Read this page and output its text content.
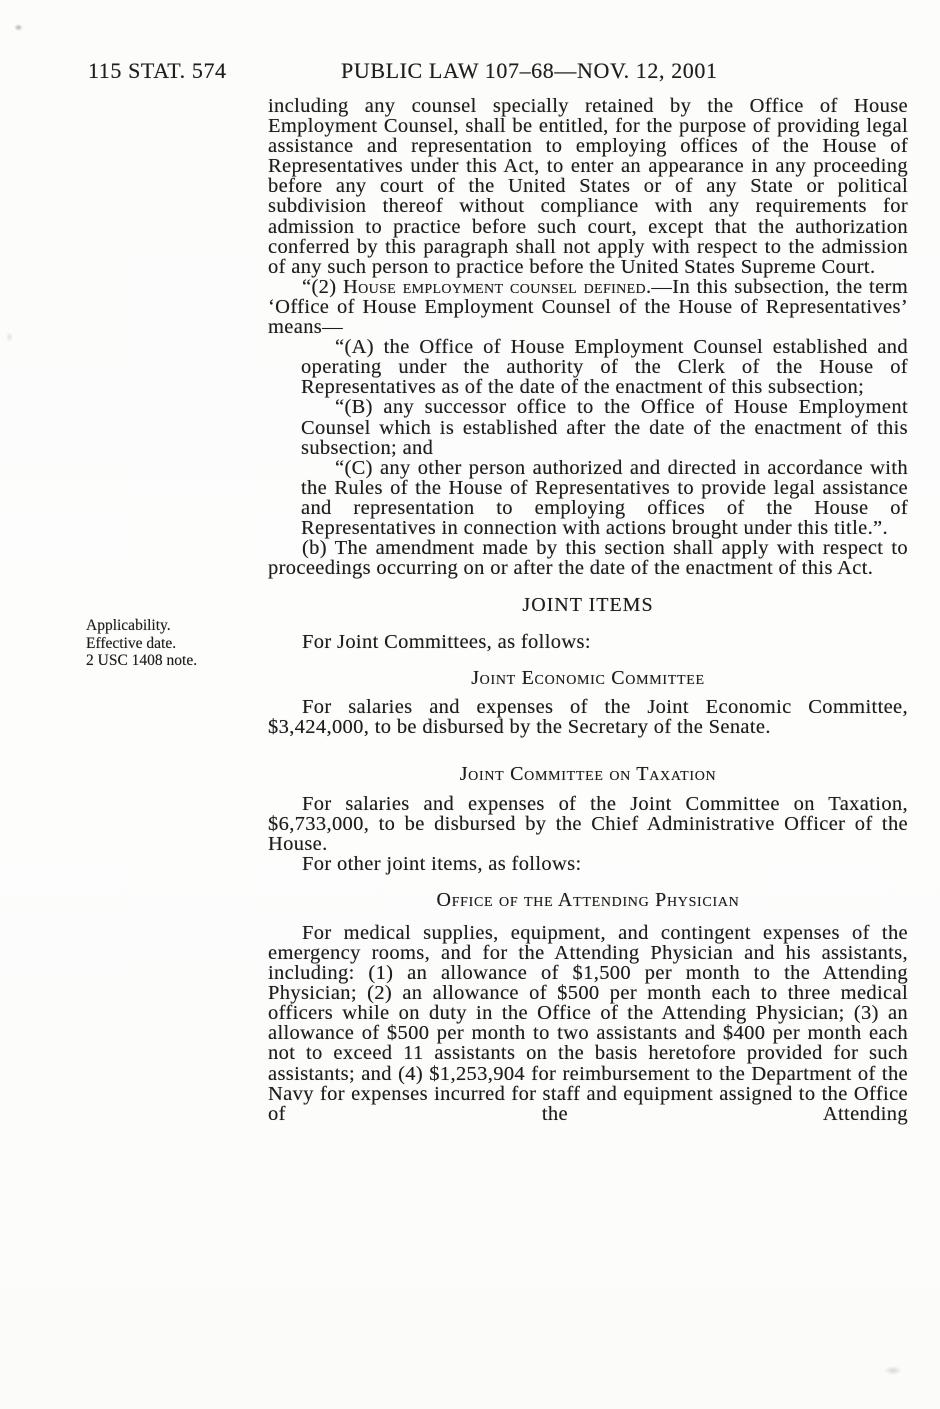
115 STAT. 574	PUBLIC LAW 107–68—NOV. 12, 2001
Applicability.
Effective date.
2 USC 1408 note.

including any counsel specially retained by the Office of House Employment Counsel, shall be entitled, for the purpose of providing legal assistance and representation to employing offices of the House of Representatives under this Act, to enter an appearance in any proceeding before any court of the United States or of any State or political subdivision thereof without compliance with any requirements for admission to practice before such court, except that the authorization conferred by this paragraph shall not apply with respect to the admission of any such person to practice before the United States Supreme Court.

“(2) House employment counsel defined.—In this subsection, the term ‘Office of House Employment Counsel of the House of Representatives’ means—

“(A) the Office of House Employment Counsel established and operating under the authority of the Clerk of the House of Representatives as of the date of the enactment of this subsection;

“(B) any successor office to the Office of House Employment Counsel which is established after the date of the enactment of this subsection; and

“(C) any other person authorized and directed in accordance with the Rules of the House of Representatives to provide legal assistance and representation to employing offices of the House of Representatives in connection with actions brought under this title.”.

(b) The amendment made by this section shall apply with respect to proceedings occurring on or after the date of the enactment of this Act.

JOINT ITEMS

For Joint Committees, as follows:

Joint Economic Committee

For salaries and expenses of the Joint Economic Committee, $3,424,000, to be disbursed by the Secretary of the Senate.

Joint Committee on Taxation

For salaries and expenses of the Joint Committee on Taxation, $6,733,000, to be disbursed by the Chief Administrative Officer of the House.

For other joint items, as follows:

Office of the Attending Physician

For medical supplies, equipment, and contingent expenses of the emergency rooms, and for the Attending Physician and his assistants, including: (1) an allowance of $1,500 per month to the Attending Physician; (2) an allowance of $500 per month each to three medical officers while on duty in the Office of the Attending Physician; (3) an allowance of $500 per month to two assistants and $400 per month each not to exceed 11 assistants on the basis heretofore provided for such assistants; and (4) $1,253,904 for reimbursement to the Department of the Navy for expenses incurred for staff and equipment assigned to the Office of the Attending
